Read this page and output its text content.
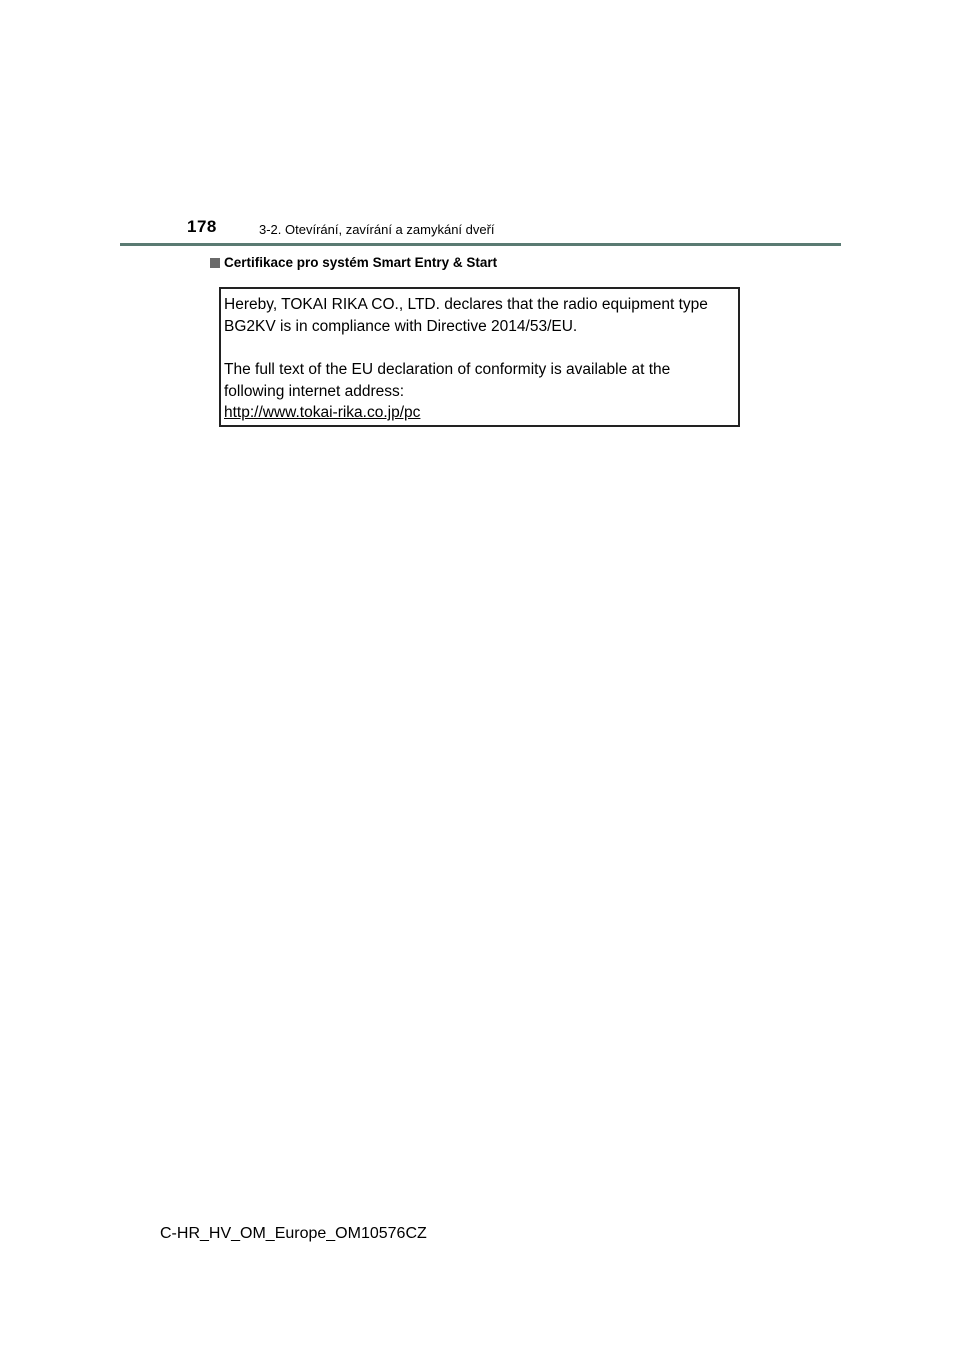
178	3-2. Otevírání, zavírání a zamykání dveří
Certifikace pro systém Smart Entry & Start
Hereby, TOKAI RIKA CO., LTD. declares that the radio equipment type
BG2KV is in compliance with Directive 2014/53/EU.
The full text of the EU declaration of conformity is available at the
following internet address:
http://www.tokai-rika.co.jp/pc
C-HR_HV_OM_Europe_OM10576CZ
